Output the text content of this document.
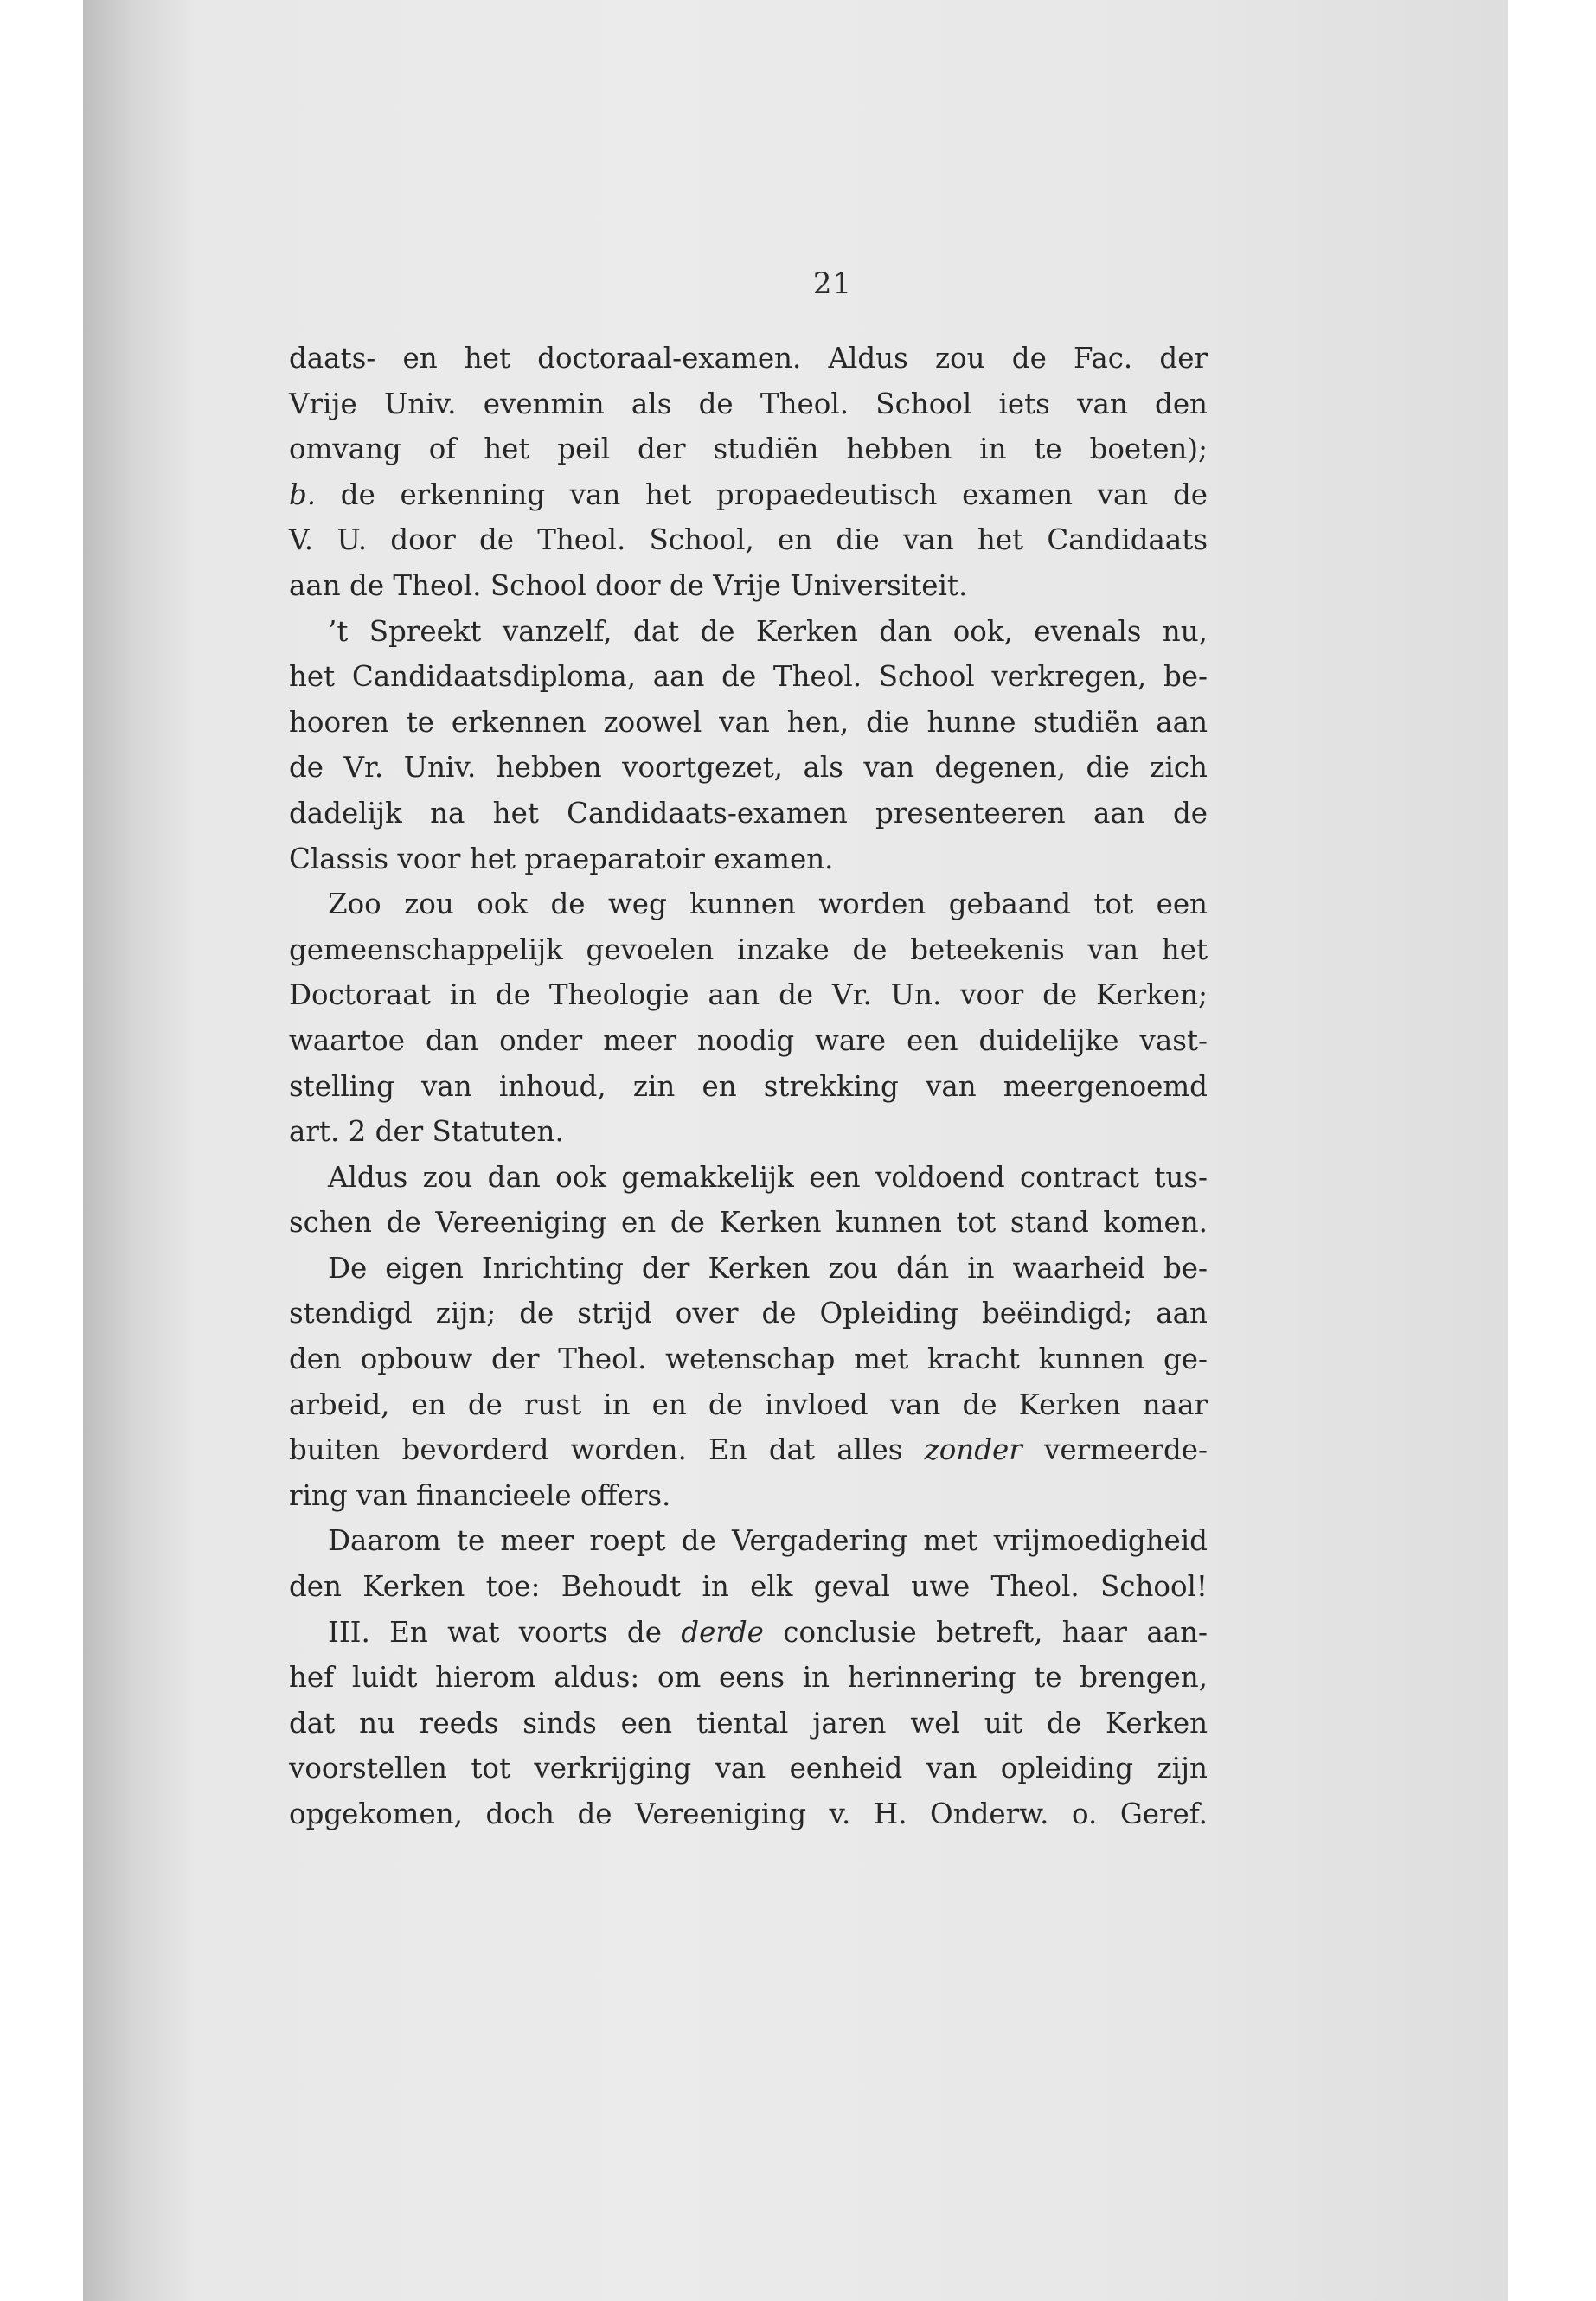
21
daats- en het doctoraal-examen. Aldus zou de Fac. der
Vrije Univ. evenmin als de Theol. School iets van den
omvang of het peil der studiën hebben in te boeten);
b. de erkenning van het propaedeutisch examen van de
V. U. door de Theol. School, en die van het Candidaats
aan de Theol. School door de Vrije Universiteit.
’t Spreekt vanzelf, dat de Kerken dan ook, evenals nu,
het Candidaatsdiploma, aan de Theol. School verkregen, be-
hooren te erkennen zoowel van hen, die hunne studiën aan
de Vr. Univ. hebben voortgezet, als van degenen, die zich
dadelijk na het Candidaats-examen presenteeren aan de
Classis voor het praeparatoir examen.
Zoo zou ook de weg kunnen worden gebaand tot een
gemeenschappelijk gevoelen inzake de beteekenis van het
Doctoraat in de Theologie aan de Vr. Un. voor de Kerken;
waartoe dan onder meer noodig ware een duidelijke vast-
stelling van inhoud, zin en strekking van meergenoemd
art. 2 der Statuten.
Aldus zou dan ook gemakkelijk een voldoend contract tus-
schen de Vereeniging en de Kerken kunnen tot stand komen.
De eigen Inrichting der Kerken zou dán in waarheid be-
stendigd zijn; de strijd over de Opleiding beëindigd; aan
den opbouw der Theol. wetenschap met kracht kunnen ge-
arbeid, en de rust in en de invloed van de Kerken naar
buiten bevorderd worden. En dat alles zonder vermeerde-
ring van financieele offers.
Daarom te meer roept de Vergadering met vrijmoedigheid
den Kerken toe: Behoudt in elk geval uwe Theol. School!
III. En wat voorts de derde conclusie betreft, haar aan-
hef luidt hierom aldus: om eens in herinnering te brengen,
dat nu reeds sinds een tiental jaren wel uit de Kerken
voorstellen tot verkrijging van eenheid van opleiding zijn
opgekomen, doch de Vereeniging v. H. Onderw. o. Geref.
